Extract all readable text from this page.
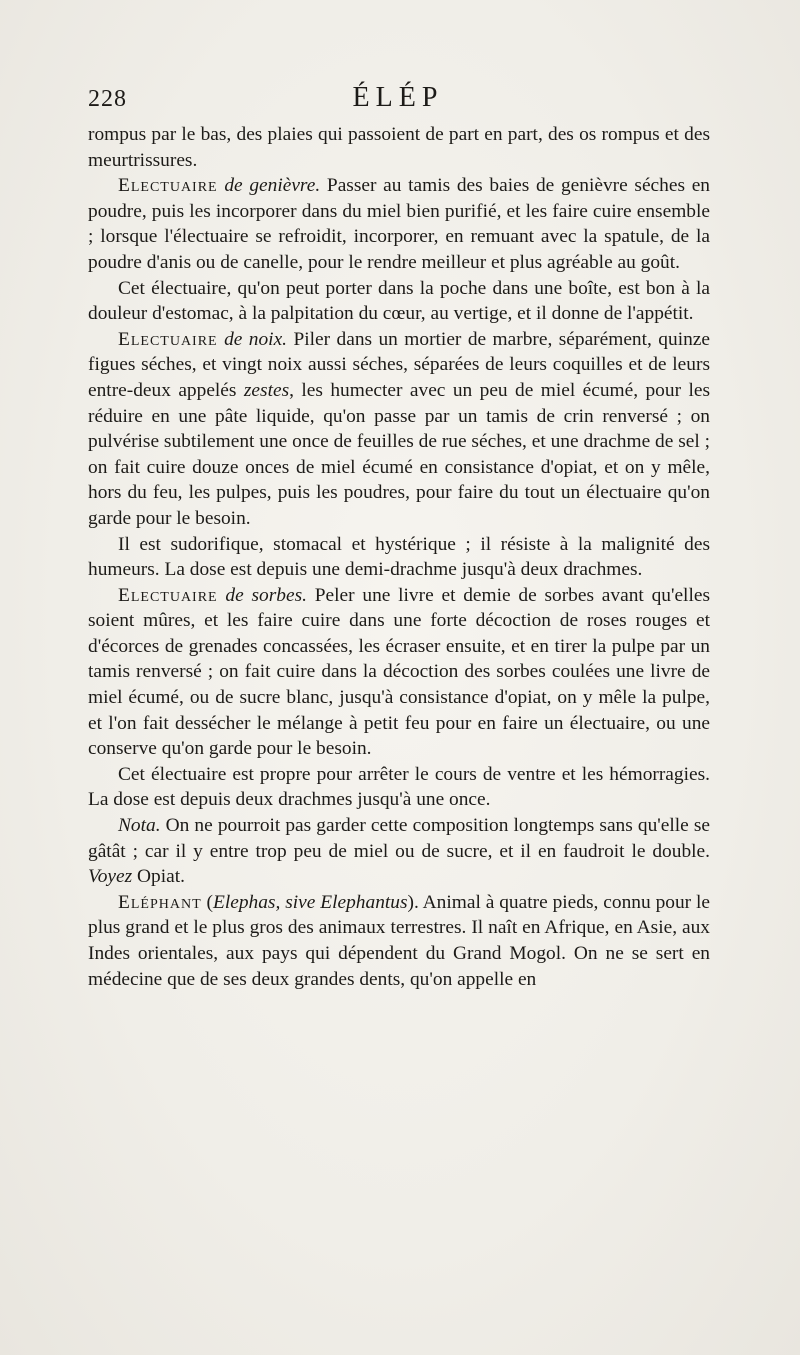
228	ÉLÉP

rompus par le bas, des plaies qui passoient de part en part, des os rompus et des meurtrissures.

Electuaire de genièvre. Passer au tamis des baies de genièvre séches en poudre, puis les incorporer dans du miel bien purifié, et les faire cuire ensemble ; lorsque l'électuaire se refroidit, incorporer, en remuant avec la spatule, de la poudre d'anis ou de canelle, pour le rendre meilleur et plus agréable au goût.

Cet électuaire, qu'on peut porter dans la poche dans une boîte, est bon à la douleur d'estomac, à la palpitation du cœur, au vertige, et il donne de l'appétit.

Electuaire de noix. Piler dans un mortier de marbre, séparément, quinze figues séches, et vingt noix aussi séches, séparées de leurs coquilles et de leurs entre-deux appelés zestes, les humecter avec un peu de miel écumé, pour les réduire en une pâte liquide, qu'on passe par un tamis de crin renversé ; on pulvérise subtilement une once de feuilles de rue séches, et une drachme de sel ; on fait cuire douze onces de miel écumé en consistance d'opiat, et on y mêle, hors du feu, les pulpes, puis les poudres, pour faire du tout un électuaire qu'on garde pour le besoin.

Il est sudorifique, stomacal et hystérique ; il résiste à la malignité des humeurs. La dose est depuis une demi-drachme jusqu'à deux drachmes.

Electuaire de sorbes. Peler une livre et demie de sorbes avant qu'elles soient mûres, et les faire cuire dans une forte décoction de roses rouges et d'écorces de grenades concassées, les écraser ensuite, et en tirer la pulpe par un tamis renversé ; on fait cuire dans la décoction des sorbes coulées une livre de miel écumé, ou de sucre blanc, jusqu'à consistance d'opiat, on y mêle la pulpe, et l'on fait dessécher le mélange à petit feu pour en faire un électuaire, ou une conserve qu'on garde pour le besoin.

Cet électuaire est propre pour arrêter le cours de ventre et les hémorragies. La dose est depuis deux drachmes jusqu'à une once.

Nota. On ne pourroit pas garder cette composition longtemps sans qu'elle se gâtât ; car il y entre trop peu de miel ou de sucre, et il en faudroit le double. Voyez Opiat.

Eléphant (Elephas, sive Elephantus). Animal à quatre pieds, connu pour le plus grand et le plus gros des animaux terrestres. Il naît en Afrique, en Asie, aux Indes orientales, aux pays qui dépendent du Grand Mogol. On ne se sert en médecine que de ses deux grandes dents, qu'on appelle en
